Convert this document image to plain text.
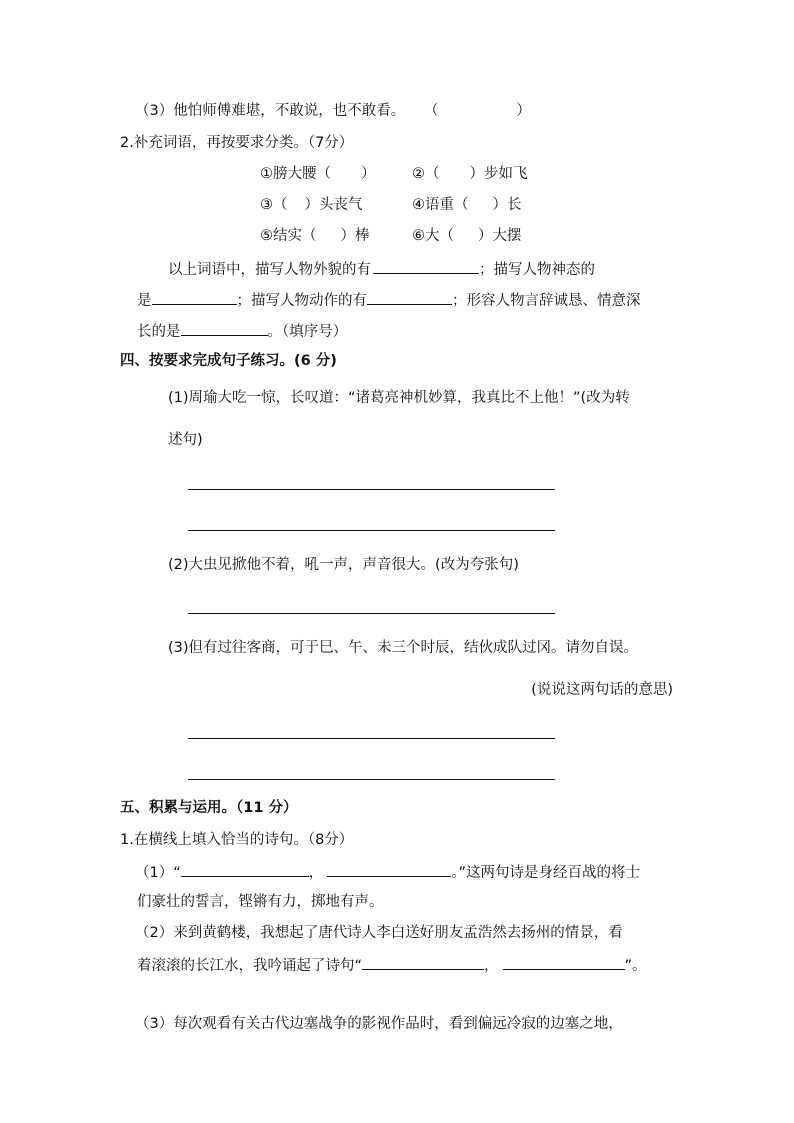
（3）他怕师傅难堪，不敢说，也不敢看。 （	）
2.补充词语，再按要求分类。（7分）
①膀大腰（ ）	②（ ）步如飞
③（ ）头丧气	④语重（ ）长
⑤结实（ ）棒	⑥大（ ）大摆
以上词语中，描写人物外貌的有	；描写人物神态的
是	；描写人物动作的有	；形容人物言辞诚恳、情意深
长的是	。（填序号）
四、按要求完成句子练习。(6 分)
(1)周瑜大吃一惊，长叹道：“诸葛亮神机妙算，我真比不上他！”(改为转
述句)
(2)大虫见掀他不着，吼一声，声音很大。(改为夸张句)
(3)但有过往客商，可于巳、午、未三个时辰，结伙成队过冈。请勿自误。
(说说这两句话的意思)
五、积累与运用。（11 分）
1.在横线上填入恰当的诗句。（8分）
（1）“	，	。”这两句诗是身经百战的将士
们豪壮的誓言，铿锵有力，掷地有声。
（2）来到黄鹤楼，我想起了唐代诗人李白送好朋友孟浩然去扬州的情景，看
着滚滚的长江水，我吟诵起了诗句“	，	”。
（3）每次观看有关古代边塞战争的影视作品时，看到偏远冷寂的边塞之地，
